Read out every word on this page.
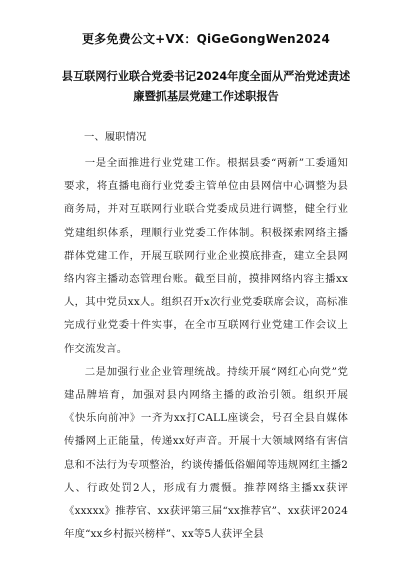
更多免费公文+VX：QiGeGongWen2024
县互联网行业联合党委书记2024年度全面从严治党述责述
廉暨抓基层党建工作述职报告
一、履职情况

一是全面推进行业党建工作。根据县委“两新”工委通知要求，将直播电商行业党委主管单位由县网信中心调整为县商务局，并对互联网行业联合党委成员进行调整，健全行业党建组织体系，理顺行业党委工作体制。积极探索网络主播群体党建工作，开展互联网行业企业摸底排查，建立全县网络内容主播动态管理台账。截至目前，摸排网络内容主播xx人，其中党员xx人。组织召开x次行业党委联席会议，高标准完成行业党委十件实事，在全市互联网行业党建工作会议上作交流发言。

二是加强行业企业管理统战。持续开展“网红心向党”党建品牌培育，加强对县内网络主播的政治引领。组织开展《快乐向前冲》一齐为xx打CALL座谈会，号召全县自媒体传播网上正能量，传递xx好声音。开展十大领域网络有害信息和不法行为专项整治，约谈传播低俗媚闻等违规网红主播2人、行政处罚2人，形成有力震慑。推荐网络主播xx获评《xxxxx》推荐官、xx获评第三届“xx推荐官”、xx获评2024年度“xx乡村振兴榜样”、xx等5人获评全县
